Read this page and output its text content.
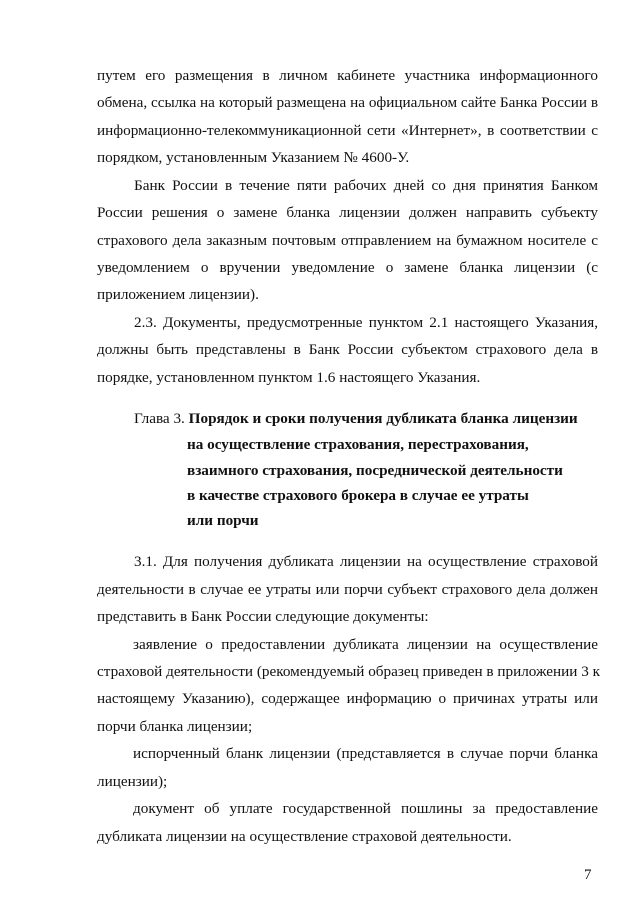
путем его размещения в личном кабинете участника информационного
обмена, ссылка на который размещена на официальном сайте Банка России в
информационно-телекоммуникационной сети «Интернет», в соответствии с
порядком, установленным Указанием № 4600-У.
Банк России в течение пяти рабочих дней со дня принятия Банком
России решения о замене бланка лицензии должен направить субъекту
страхового дела заказным почтовым отправлением на бумажном носителе с
уведомлением о вручении уведомление о замене бланка лицензии (с
приложением лицензии).
2.3. Документы, предусмотренные пунктом 2.1 настоящего Указания,
должны быть представлены в Банк России субъектом страхового дела в
порядке, установленном пунктом 1.6 настоящего Указания.
Глава 3. Порядок и сроки получения дубликата бланка лицензии
на осуществление страхования, перестрахования,
взаимного страхования, посреднической деятельности
в качестве страхового брокера в случае ее утраты
или порчи
3.1. Для получения дубликата лицензии на осуществление страховой
деятельности в случае ее утраты или порчи субъект страхового дела должен
представить в Банк России следующие документы:
заявление о предоставлении дубликата лицензии на осуществление
страховой деятельности (рекомендуемый образец приведен в приложении 3 к
настоящему Указанию), содержащее информацию о причинах утраты или
порчи бланка лицензии;
испорченный бланк лицензии (представляется в случае порчи бланка
лицензии);
документ об уплате государственной пошлины за предоставление
дубликата лицензии на осуществление страховой деятельности.
7
